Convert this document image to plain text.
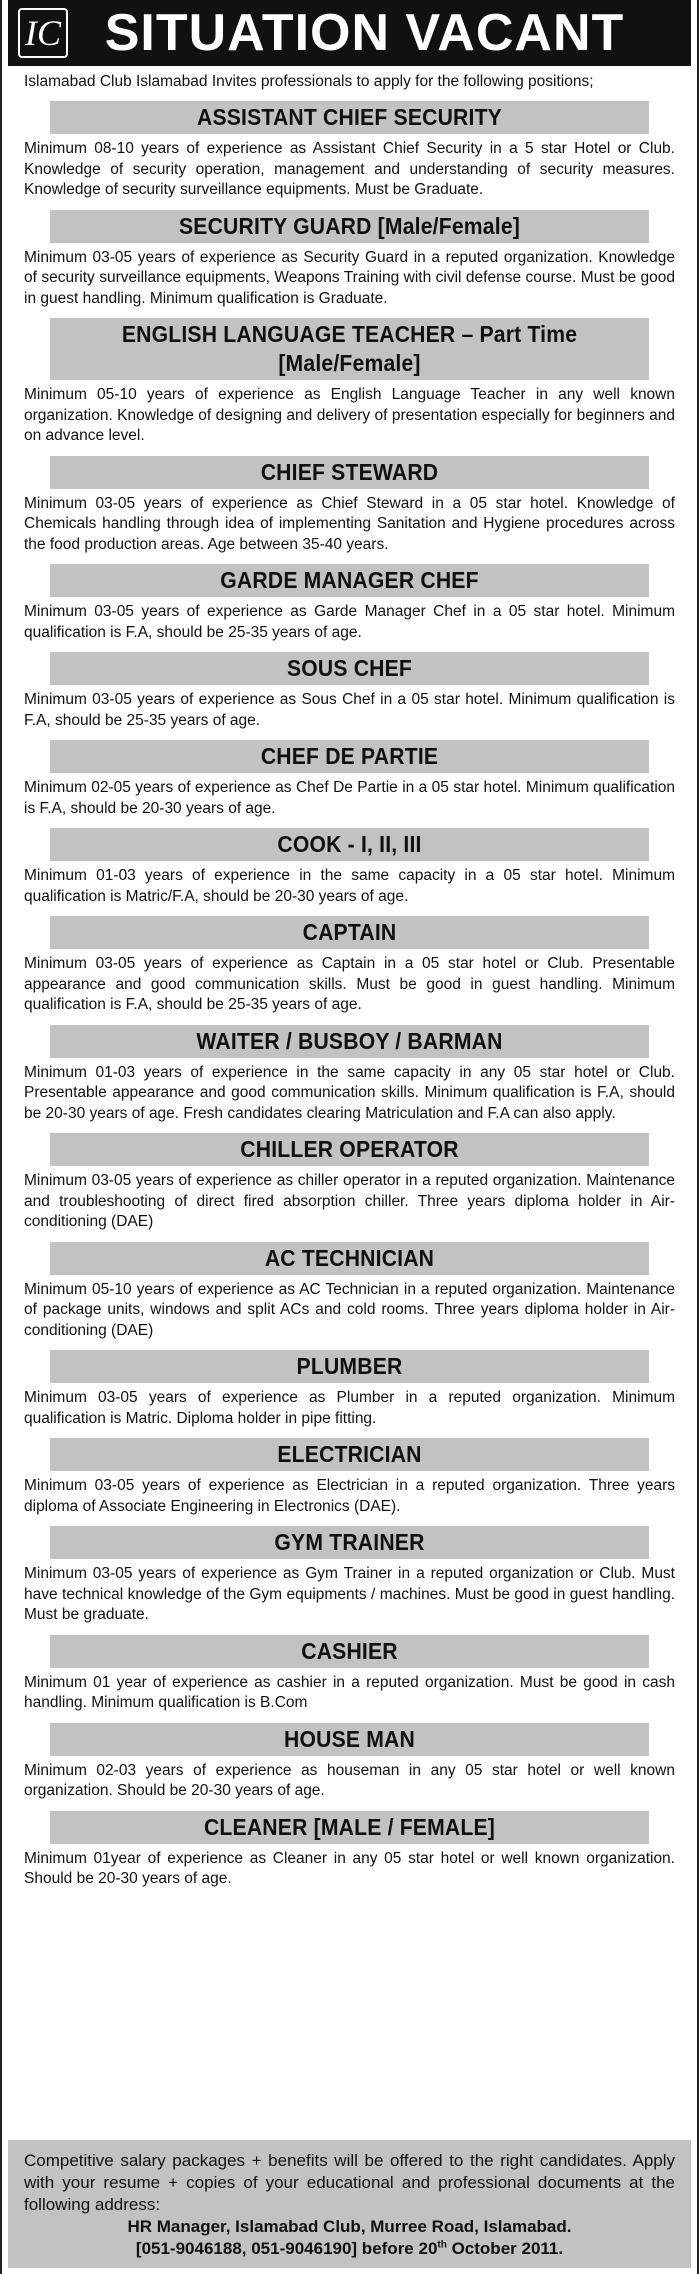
IC SITUATION VACANT
Islamabad Club Islamabad Invites professionals to apply for the following positions;
ASSISTANT CHIEF SECURITY
Minimum 08-10 years of experience as Assistant Chief Security in a 5 star Hotel or Club. Knowledge of security operation, management and understanding of security measures. Knowledge of security surveillance equipments. Must be Graduate.
SECURITY GUARD [Male/Female]
Minimum 03-05 years of experience as Security Guard in a reputed organization. Knowledge of security surveillance equipments, Weapons Training with civil defense course. Must be good in guest handling. Minimum qualification is Graduate.
ENGLISH LANGUAGE TEACHER – Part Time [Male/Female]
Minimum 05-10 years of experience as English Language Teacher in any well known organization. Knowledge of designing and delivery of presentation especially for beginners and on advance level.
CHIEF STEWARD
Minimum 03-05 years of experience as Chief Steward in a 05 star hotel. Knowledge of Chemicals handling through idea of implementing Sanitation and Hygiene procedures across the food production areas. Age between 35-40 years.
GARDE MANAGER CHEF
Minimum 03-05 years of experience as Garde Manager Chef in a 05 star hotel. Minimum qualification is F.A, should be 25-35 years of age.
SOUS CHEF
Minimum 03-05 years of experience as Sous Chef in a 05 star hotel. Minimum qualification is F.A, should be 25-35 years of age.
CHEF DE PARTIE
Minimum 02-05 years of experience as Chef De Partie in a 05 star hotel. Minimum qualification is F.A, should be 20-30 years of age.
COOK - I, II, III
Minimum 01-03 years of experience in the same capacity in a 05 star hotel. Minimum qualification is Matric/F.A, should be 20-30 years of age.
CAPTAIN
Minimum 03-05 years of experience as Captain in a 05 star hotel or Club. Presentable appearance and good communication skills. Must be good in guest handling. Minimum qualification is F.A, should be 25-35 years of age.
WAITER / BUSBOY / BARMAN
Minimum 01-03 years of experience in the same capacity in any 05 star hotel or Club. Presentable appearance and good communication skills. Minimum qualification is F.A, should be 20-30 years of age. Fresh candidates clearing Matriculation and F.A can also apply.
CHILLER OPERATOR
Minimum 03-05 years of experience as chiller operator in a reputed organization. Maintenance and troubleshooting of direct fired absorption chiller. Three years diploma holder in Air-conditioning (DAE)
AC TECHNICIAN
Minimum 05-10 years of experience as AC Technician in a reputed organization. Maintenance of package units, windows and split ACs and cold rooms. Three years diploma holder in Air-conditioning (DAE)
PLUMBER
Minimum 03-05 years of experience as Plumber in a reputed organization. Minimum qualification is Matric. Diploma holder in pipe fitting.
ELECTRICIAN
Minimum 03-05 years of experience as Electrician in a reputed organization. Three years diploma of Associate Engineering in Electronics (DAE).
GYM TRAINER
Minimum 03-05 years of experience as Gym Trainer in a reputed organization or Club. Must have technical knowledge of the Gym equipments / machines. Must be good in guest handling. Must be graduate.
CASHIER
Minimum 01 year of experience as cashier in a reputed organization. Must be good in cash handling. Minimum qualification is B.Com
HOUSE MAN
Minimum 02-03 years of experience as houseman in any 05 star hotel or well known organization. Should be 20-30 years of age.
CLEANER [MALE / FEMALE]
Minimum 01year of experience as Cleaner in any 05 star hotel or well known organization. Should be 20-30 years of age.
Competitive salary packages + benefits will be offered to the right candidates. Apply with your resume + copies of your educational and professional documents at the following address:
HR Manager, Islamabad Club, Murree Road, Islamabad.
[051-9046188, 051-9046190] before 20th October 2011.
